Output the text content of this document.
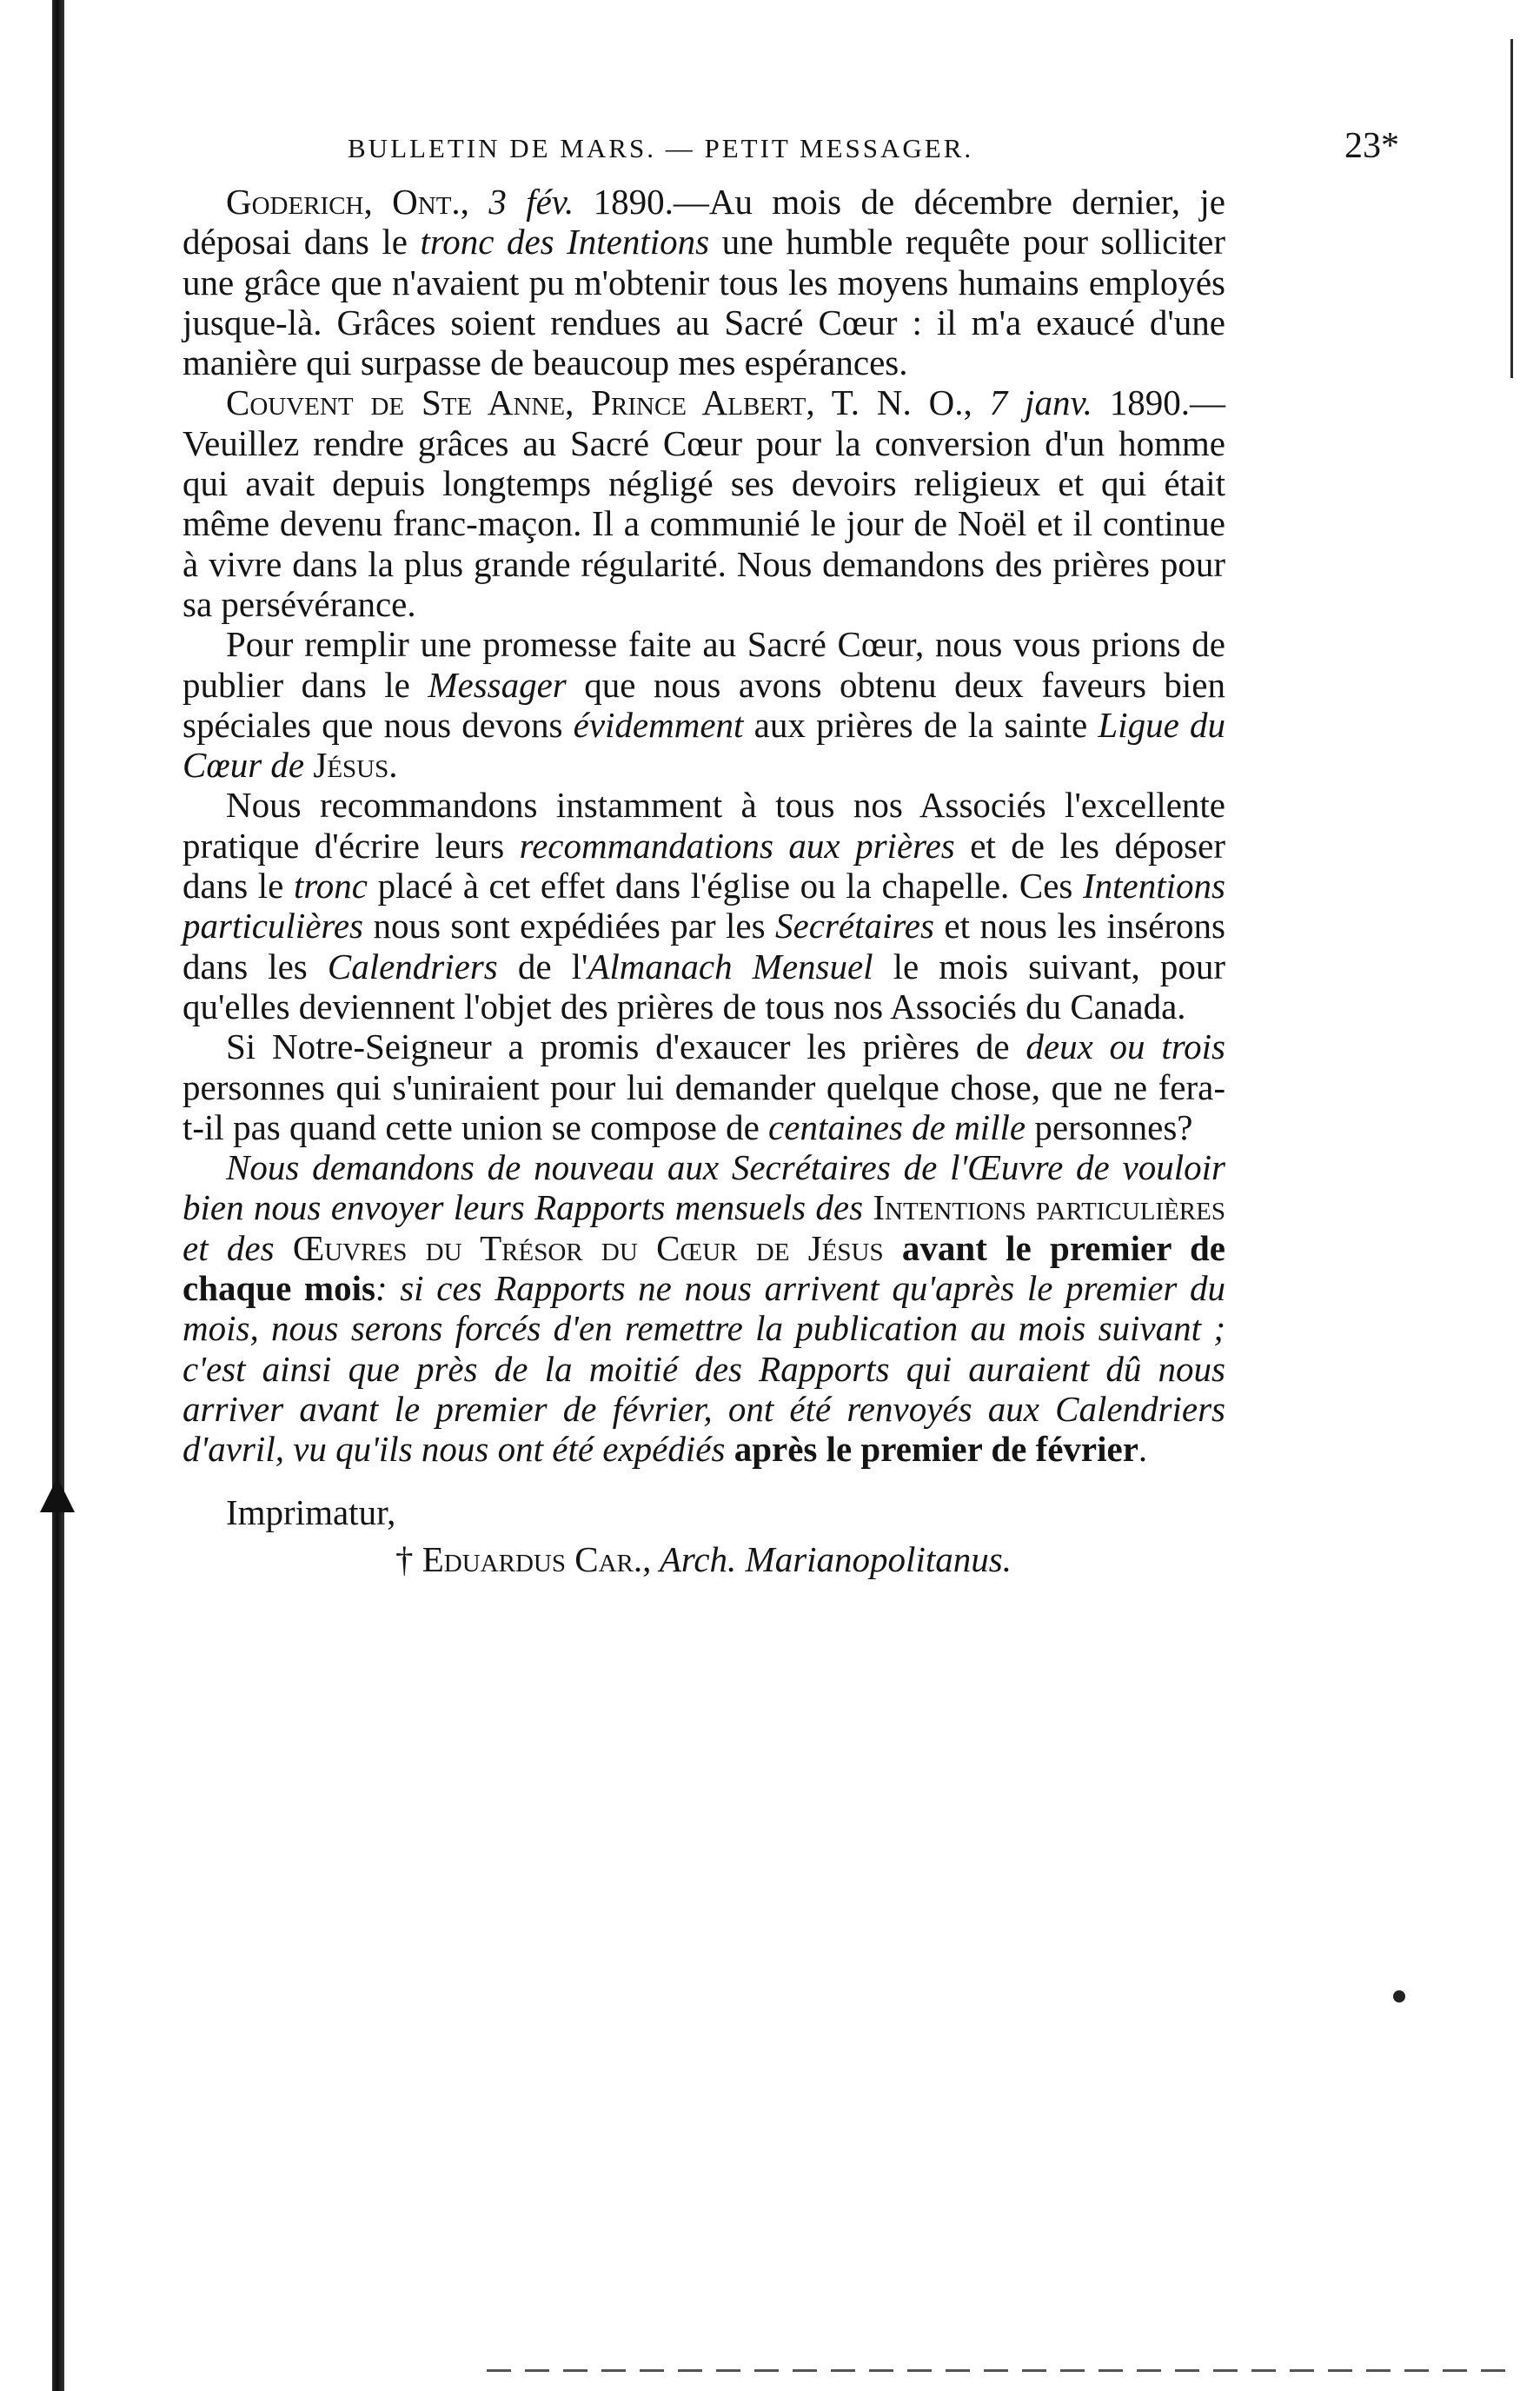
BULLETIN DE MARS. — PETIT MESSAGER.	23*

Goderich, Ont., 3 fév. 1890.—Au mois de décembre dernier, je déposai dans le tronc des Intentions une humble requête pour solliciter une grâce que n'avaient pu m'obtenir tous les moyens humains employés jusque-là. Grâces soient rendues au Sacré Cœur : il m'a exaucé d'une manière qui surpasse de beaucoup mes espérances.

Couvent de Ste Anne, Prince Albert, T. N. O., 7 janv. 1890.—Veuillez rendre grâces au Sacré Cœur pour la conversion d'un homme qui avait depuis longtemps négligé ses devoirs religieux et qui était même devenu franc-maçon. Il a communié le jour de Noël et il continue à vivre dans la plus grande régularité. Nous demandons des prières pour sa persévérance.

Pour remplir une promesse faite au Sacré Cœur, nous vous prions de publier dans le Messager que nous avons obtenu deux faveurs bien spéciales que nous devons évidemment aux prières de la sainte Ligue du Cœur de Jésus.

Nous recommandons instamment à tous nos Associés l'excellente pratique d'écrire leurs recommandations aux prières et de les déposer dans le tronc placé à cet effet dans l'église ou la chapelle. Ces Intentions particulières nous sont expédiées par les Secrétaires et nous les insérons dans les Calendriers de l'Almanach Mensuel le mois suivant, pour qu'elles deviennent l'objet des prières de tous nos Associés du Canada.

Si Notre-Seigneur a promis d'exaucer les prières de deux ou trois personnes qui s'uniraient pour lui demander quelque chose, que ne fera-t-il pas quand cette union se compose de centaines de mille personnes?

Nous demandons de nouveau aux Secrétaires de l'Œuvre de vouloir bien nous envoyer leurs Rapports mensuels des Intentions particulières et des Œuvres du Trésor du Cœur de Jésus avant le premier de chaque mois: si ces Rapports ne nous arrivent qu'après le premier du mois, nous serons forcés d'en remettre la publication au mois suivant ; c'est ainsi que près de la moitié des Rapports qui auraient dû nous arriver avant le premier de février, ont été renvoyés aux Calendriers d'avril, vu qu'ils nous ont été expédiés après le premier de février.

Imprimatur,
† Eduardus Car., Arch. Marianopolitanus.
